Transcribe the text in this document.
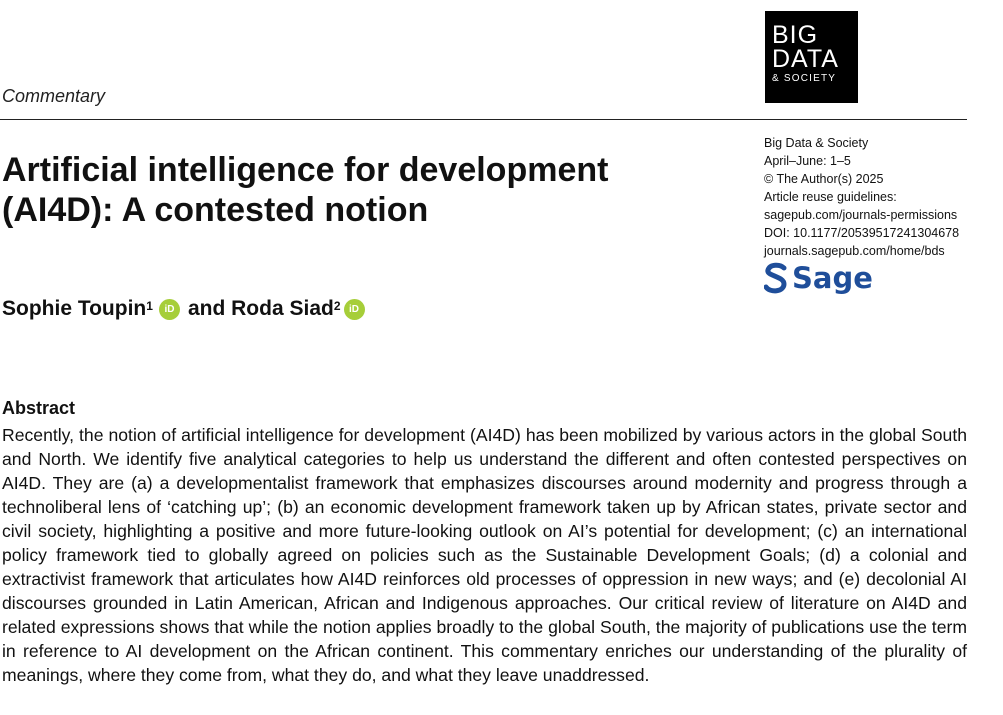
Commentary
BIG
DATA
& SOCIETY
Artificial intelligence for development (AI4D): A contested notion
Big Data & Society
April–June: 1–5
© The Author(s) 2025
Article reuse guidelines:
sagepub.com/journals-permissions
DOI: 10.1177/20539517241304678
journals.sagepub.com/home/bds
Sage
Sophie Toupin$^1$	iD and
Roda Siad$^2$ iD
Abstract
Recently, the notion of artificial intelligence for development (AI4D) has been mobilized by various actors in the global South and North. We identify five analytical categories to help us understand the different and often contested perspectives on AI4D. They are (a) a developmentalist framework that emphasizes discourses around modernity and progress through a technoliberal lens of ‘catching up’; (b) an economic development framework taken up by African states, private sector and civil society, highlighting a positive and more future-looking outlook on AI’s potential for development; (c) an international policy framework tied to globally agreed on policies such as the Sustainable Development Goals; (d) a colonial and extractivist framework that articulates how AI4D reinforces old processes of oppression in new ways; and (e) decolonial AI discourses grounded in Latin American, African and Indigenous approaches. Our critical review of literature on AI4D and related expressions shows that while the notion applies broadly to the global South, the majority of publications use the term in reference to AI development on the African continent. This commentary enriches our understanding of the plurality of meanings, where they come from, what they do, and what they leave unaddressed.
